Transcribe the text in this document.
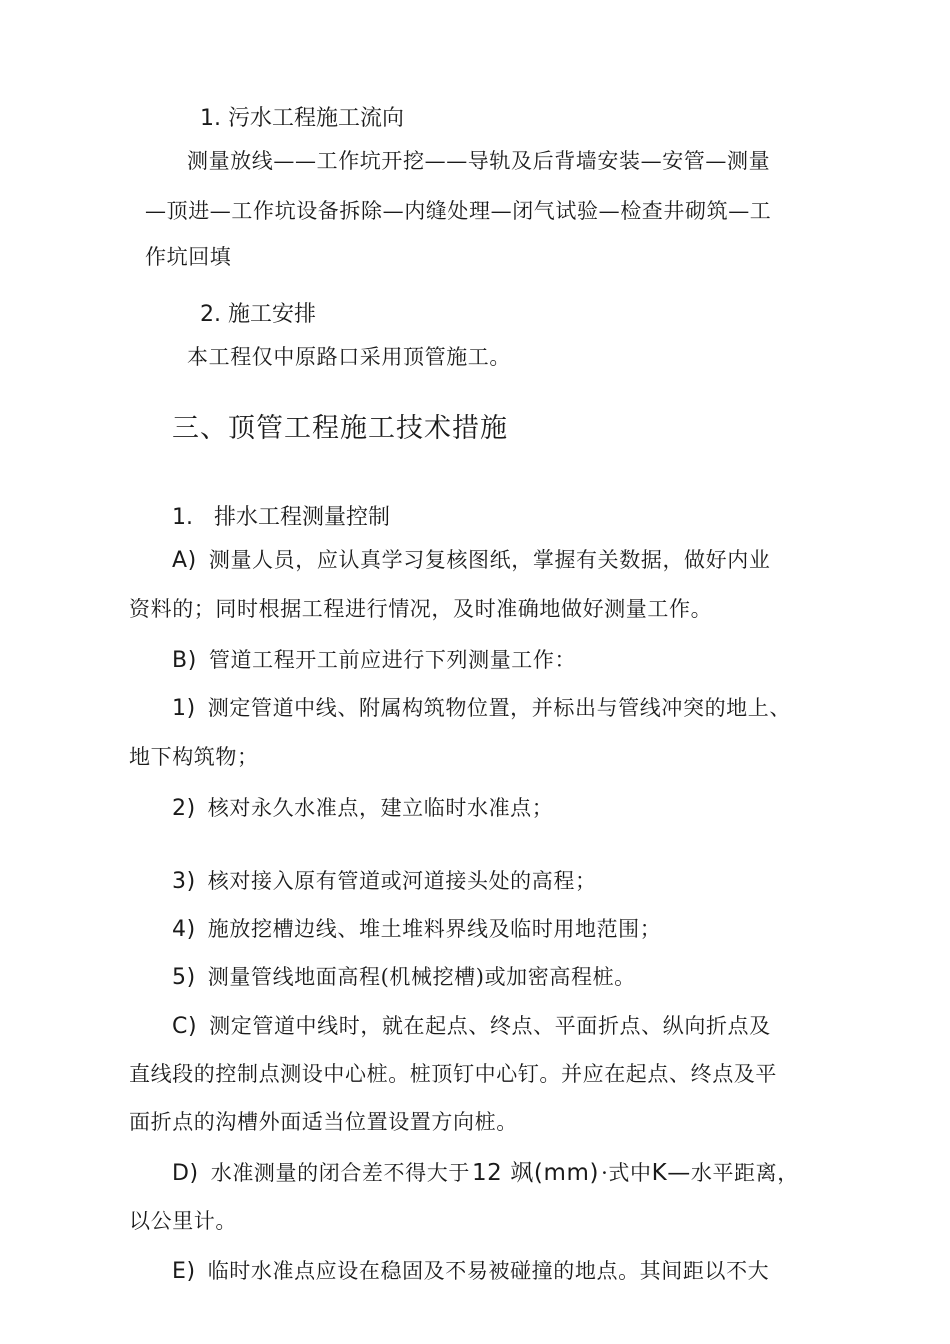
1. 污水工程施工流向
测量放线——工作坑开挖——导轨及后背墙安装—安管—测量
—顶进—工作坑设备拆除—内缝处理—闭气试验—检查井砌筑—工
作坑回填
2. 施工安排
本工程仅中原路口采用顶管施工。
三、顶管工程施工技术措施
1. 排水工程测量控制
A) 测量人员，应认真学习复核图纸，掌握有关数据，做好内业
资料的；同时根据工程进行情况，及时准确地做好测量工作。
B) 管道工程开工前应进行下列测量工作：
1) 测定管道中线、附属构筑物位置，并标出与管线冲突的地上、
地下构筑物；
2) 核对永久水准点，建立临时水准点；
3) 核对接入原有管道或河道接头处的高程；
4) 施放挖槽边线、堆土堆料界线及临时用地范围；
5) 测量管线地面高程(机械挖槽)或加密高程桩。
C) 测定管道中线时，就在起点、终点、平面折点、纵向折点及
直线段的控制点测设中心桩。桩顶钉中心钉。并应在起点、终点及平
面折点的沟槽外面适当位置设置方向桩。
D) 水准测量的闭合差不得大于12 飒(mm)·式中K—水平距离，
以公里计。
E) 临时水准点应设在稳固及不易被碰撞的地点。其间距以不大
